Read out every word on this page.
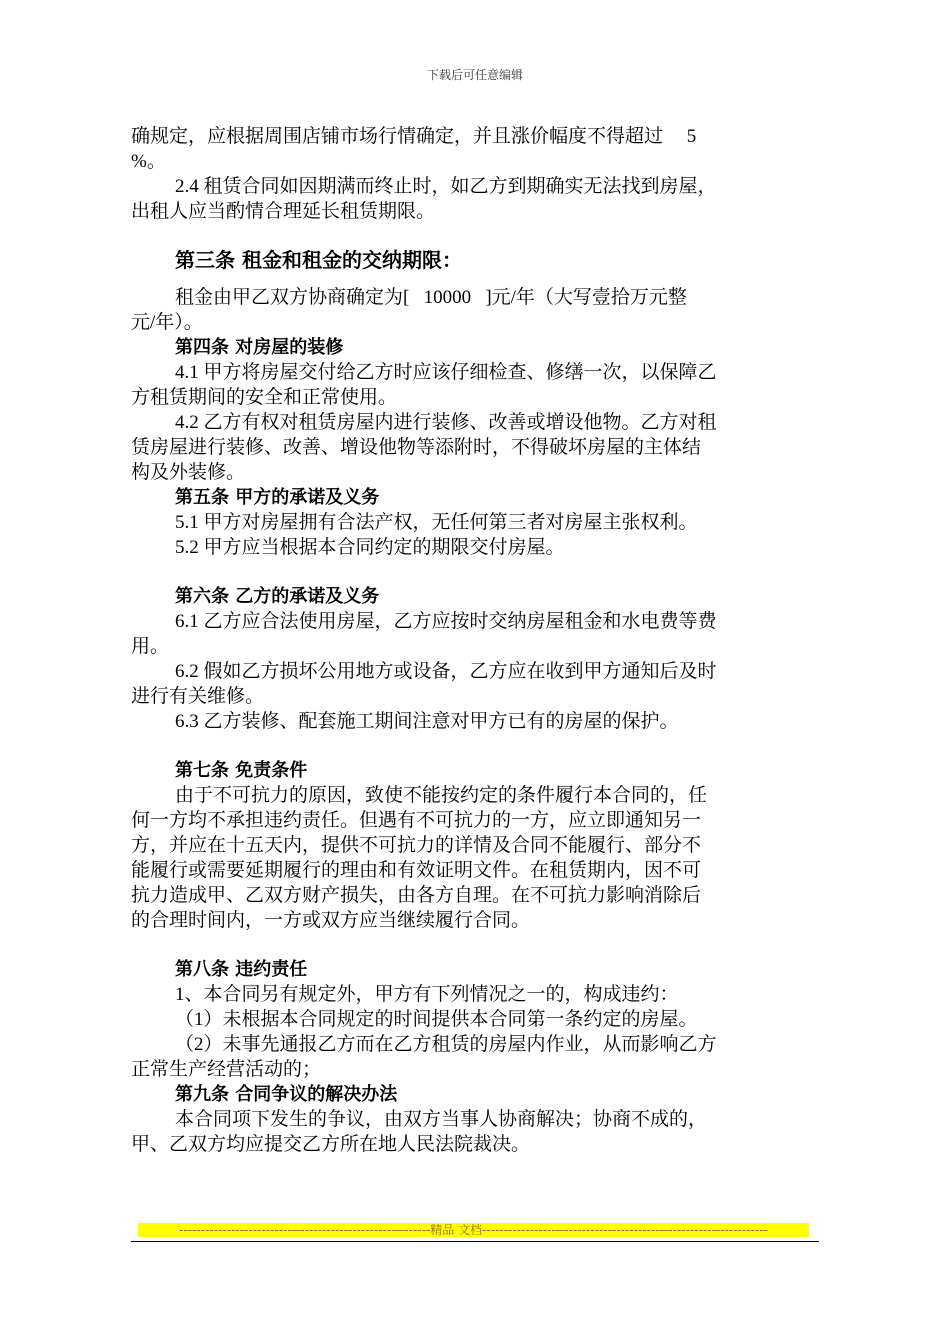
下载后可任意编辑

确规定，应根据周围店铺市场行情确定，并且涨价幅度不得超过     5

%。

2.4 租赁合同如因期满而终止时，如乙方到期确实无法找到房屋，

出租人应当酌情合理延长租赁期限。

第三条 租金和租金的交纳期限：

租金由甲乙双方协商确定为[   10000   ]元/年（大写壹拾万元整

元/年）。

第四条 对房屋的装修

4.1 甲方将房屋交付给乙方时应该仔细检查、修缮一次，以保障乙

方租赁期间的安全和正常使用。

4.2 乙方有权对租赁房屋内进行装修、改善或增设他物。乙方对租

赁房屋进行装修、改善、增设他物等添附时，不得破坏房屋的主体结

构及外装修。

第五条 甲方的承诺及义务

5.1 甲方对房屋拥有合法产权，无任何第三者对房屋主张权利。

5.2 甲方应当根据本合同约定的期限交付房屋。

第六条 乙方的承诺及义务

6.1 乙方应合法使用房屋，乙方应按时交纳房屋租金和水电费等费

用。

6.2 假如乙方损坏公用地方或设备，乙方应在收到甲方通知后及时

进行有关维修。

6.3 乙方装修、配套施工期间注意对甲方已有的房屋的保护。

第七条 免责条件

由于不可抗力的原因，致使不能按约定的条件履行本合同的，任

何一方均不承担违约责任。但遇有不可抗力的一方，应立即通知另一

方，并应在十五天内，提供不可抗力的详情及合同不能履行、部分不

能履行或需要延期履行的理由和有效证明文件。在租赁期内，因不可

抗力造成甲、乙双方财产损失，由各方自理。在不可抗力影响消除后

的合理时间内，一方或双方应当继续履行合同。

第八条 违约责任

1、本合同另有规定外，甲方有下列情况之一的，构成违约：

（1）未根据本合同规定的时间提供本合同第一条约定的房屋。

（2）未事先通报乙方而在乙方租赁的房屋内作业，从而影响乙方

正常生产经营活动的；

第九条 合同争议的解决办法

本合同项下发生的争议，由双方当事人协商解决；协商不成的，

甲、乙双方均应提交乙方所在地人民法院裁决。

----------------------------------------------------------精品 文档------------------------------------------------------------------
